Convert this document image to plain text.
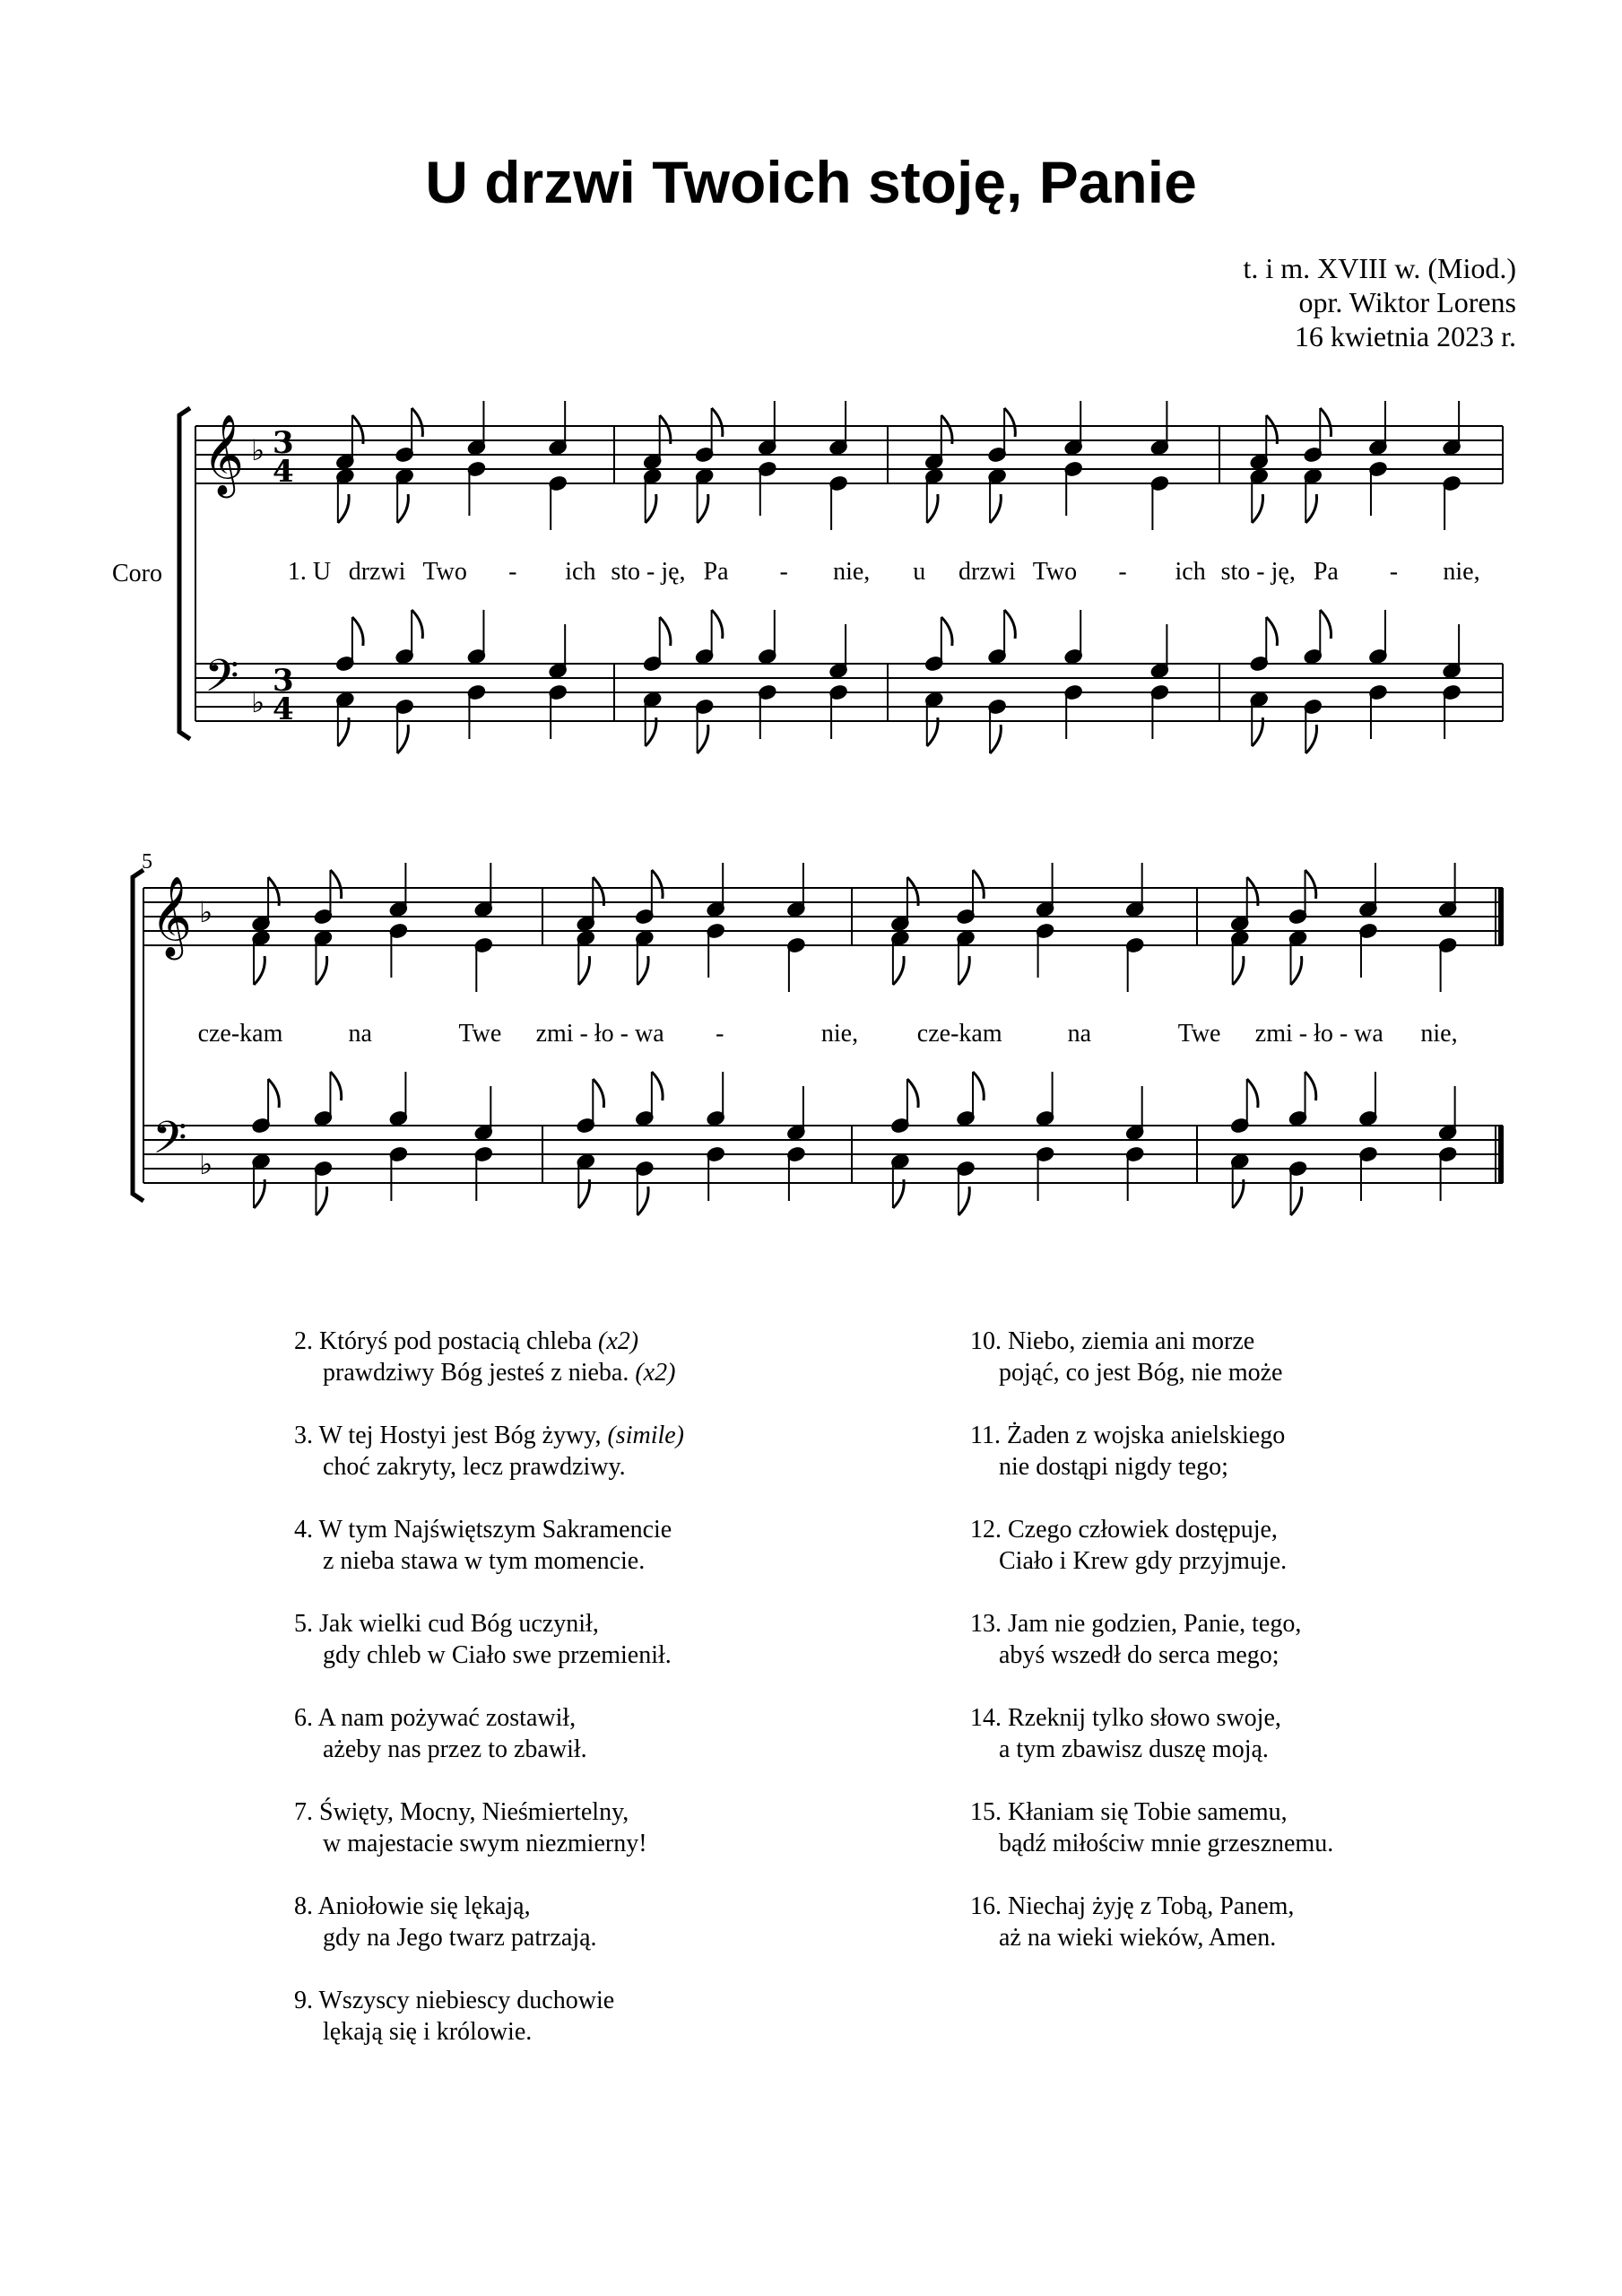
U drzwi Twoich stoję, Panie
t. i m. XVIII w. (Miod.)
opr. Wiktor Lorens
16 kwietnia 2023 r.
𝄞
𝄢
♭
♭
3
4
3
4
𝄞
𝄢
♭
♭
Coro
5
1. U drzwi Two - ich sto - ję, Pa - nie, u drzwi Two - ich sto - ję, Pa - nie,
cze-kam	na	Twe zmi - ło - wa -	nie, cze-kam	na	Twe zmi - ło - wa nie,
2. Któryś pod postacią chleba (x2)
prawdziwy Bóg jesteś z nieba. (x2)
3. W tej Hostyi jest Bóg żywy, (simile)
choć zakryty, lecz prawdziwy.
4. W tym Najświętszym Sakramencie
z nieba stawa w tym momencie.
5. Jak wielki cud Bóg uczynił,
gdy chleb w Ciało swe przemienił.
6. A nam pożywać zostawił,
ażeby nas przez to zbawił.
7. Święty, Mocny, Nieśmiertelny,
w majestacie swym niezmierny!
8. Aniołowie się lękają,
gdy na Jego twarz patrzają.
9. Wszyscy niebiescy duchowie
lękają się i królowie.
10. Niebo, ziemia ani morze
pojąć, co jest Bóg, nie może
11. Żaden z wojska anielskiego
nie dostąpi nigdy tego;
12. Czego człowiek dostępuje,
Ciało i Krew gdy przyjmuje.
13. Jam nie godzien, Panie, tego,
abyś wszedł do serca mego;
14. Rzeknij tylko słowo swoje,
a tym zbawisz duszę moją.
15. Kłaniam się Tobie samemu,
bądź miłościw mnie grzesznemu.
16. Niechaj żyję z Tobą, Panem,
aż na wieki wieków, Amen.
